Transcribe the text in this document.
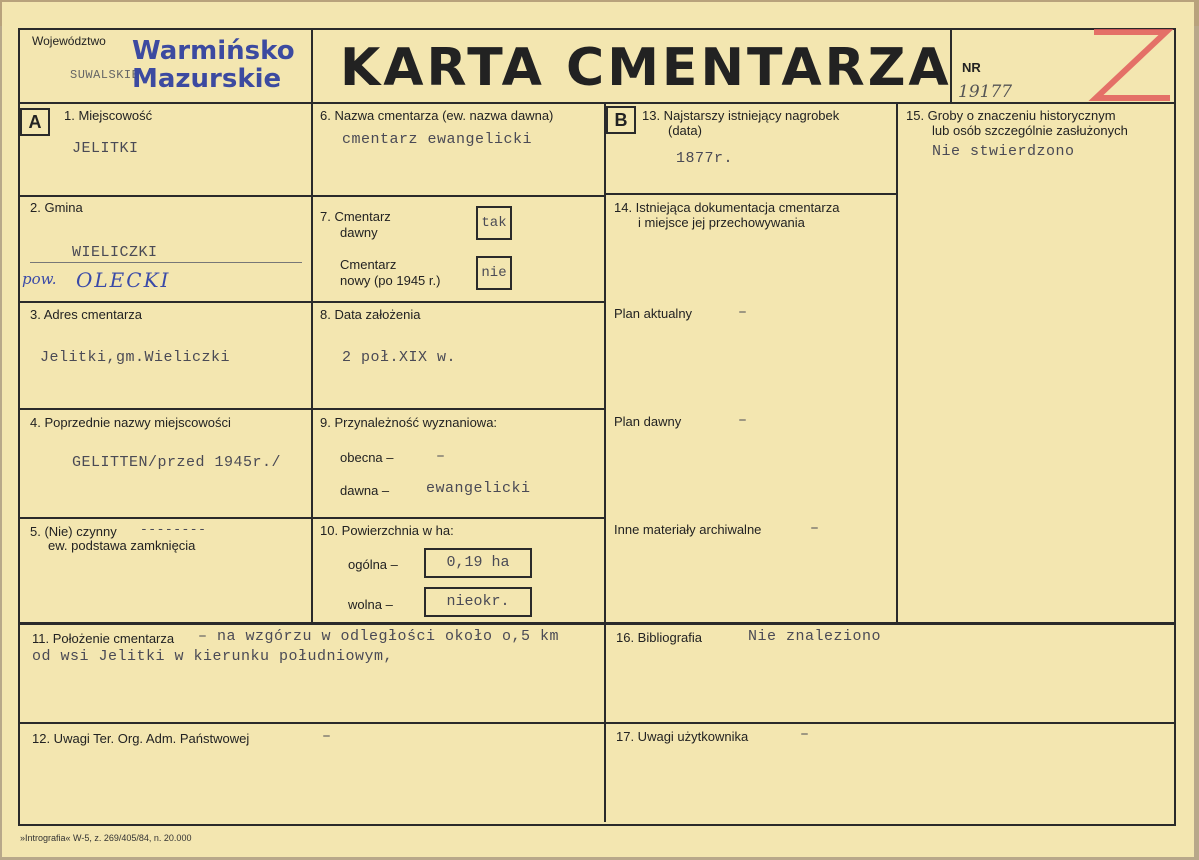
Województwo
SUWALSKIE
Warmińsko
Mazurskie KARTA CMENTARZA NR
19177
A	B
1. Miejscowość
JELITKI
2. Gmina
WIELICZKI
pow. OLECKI
3. Adres cmentarza
Jelitki,gm.Wieliczki
4. Poprzednie nazwy miejscowości
GELITTEN/przed 1945r./
5. (Nie) czynny --------
ew. podstawa zamknięcia
6. Nazwa cmentarza (ew. nazwa dawna)
cmentarz ewangelicki
7. Cmentarz
dawny
tak
Cmentarz
nowy (po 1945 r.)	nie
8. Data założenia
2 poł.XIX w.
9. Przynależność wyznaniowa:
obecna –	–
dawna – ewangelicki
10. Powierzchnia w ha:
ogólna –	0,19 ha
wolna –	nieokr.
13. Najstarszy istniejący nagrobek
(data)
1877r.
14. Istniejąca dokumentacja cmentarza
i miejsce jej przechowywania
Plan aktualny	–
Plan dawny	–
Inne materiały archiwalne	–
15. Groby o znaczeniu historycznym
lub osób szczególnie zasłużonych
Nie stwierdzono
11. Położenie cmentarza – na wzgórzu w odległości około o,5 km
od wsi Jelitki w kierunku południowym,
16. Bibliografia	Nie znaleziono
12. Uwagi Ter. Org. Adm. Państwowej	–	17. Uwagi użytkownika	–
»Intrografia« W-5, z. 269/405/84, n. 20.000
